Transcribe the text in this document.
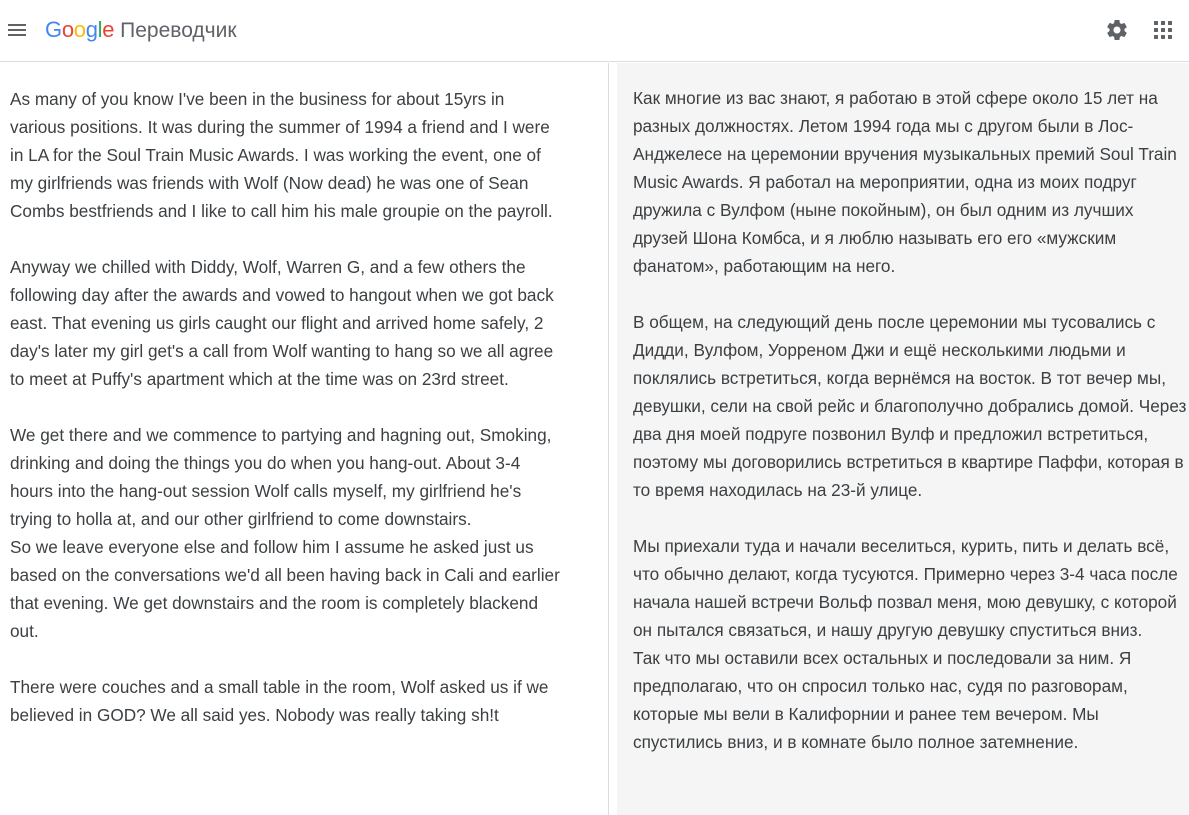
Google Переводчик

As many of you know I've been in the business for about 15yrs in various positions. It was during the summer of 1994 a friend and I were in LA for the Soul Train Music Awards. I was working the event, one of my girlfriends was friends with Wolf (Now dead) he was one of Sean Combs bestfriends and I like to call him his male groupie on the payroll.

Anyway we chilled with Diddy, Wolf, Warren G, and a few others the following day after the awards and vowed to hangout when we got back east. That evening us girls caught our flight and arrived home safely, 2 day's later my girl get's a call from Wolf wanting to hang so we all agree to meet at Puffy's apartment which at the time was on 23rd street.

We get there and we commence to partying and hagning out, Smoking, drinking and doing the things you do when you hang-out. About 3-4 hours into the hang-out session Wolf calls myself, my girlfriend he's trying to holla at, and our other girlfriend to come downstairs.

So we leave everyone else and follow him I assume he asked just us based on the conversations we'd all been having back in Cali and earlier that evening. We get downstairs and the room is completely blackend out.

There were couches and a small table in the room, Wolf asked us if we believed in GOD? We all said yes. Nobody was really taking sh!t

Как многие из вас знают, я работаю в этой сфере около 15 лет на разных должностях. Летом 1994 года мы с другом были в Лос-Анджелесе на церемонии вручения музыкальных премий Soul Train Music Awards. Я работал на мероприятии, одна из моих подруг дружила с Вулфом (ныне покойным), он был одним из лучших друзей Шона Комбса, и я люблю называть его его «мужским фанатом», работающим на него.

В общем, на следующий день после церемонии мы тусовались с Дидди, Вулфом, Уорреном Джи и ещё несколькими людьми и поклялись встретиться, когда вернёмся на восток. В тот вечер мы, девушки, сели на свой рейс и благополучно добрались домой. Через два дня моей подруге позвонил Вулф и предложил встретиться, поэтому мы договорились встретиться в квартире Паффи, которая в то время находилась на 23-й улице.

Мы приехали туда и начали веселиться, курить, пить и делать всё, что обычно делают, когда тусуются. Примерно через 3-4 часа после начала нашей встречи Вольф позвал меня, мою девушку, с которой он пытался связаться, и нашу другую девушку спуститься вниз.

Так что мы оставили всех остальных и последовали за ним. Я предполагаю, что он спросил только нас, судя по разговорам, которые мы вели в Калифорнии и ранее тем вечером. Мы спустились вниз, и в комнате было полное затемнение.
